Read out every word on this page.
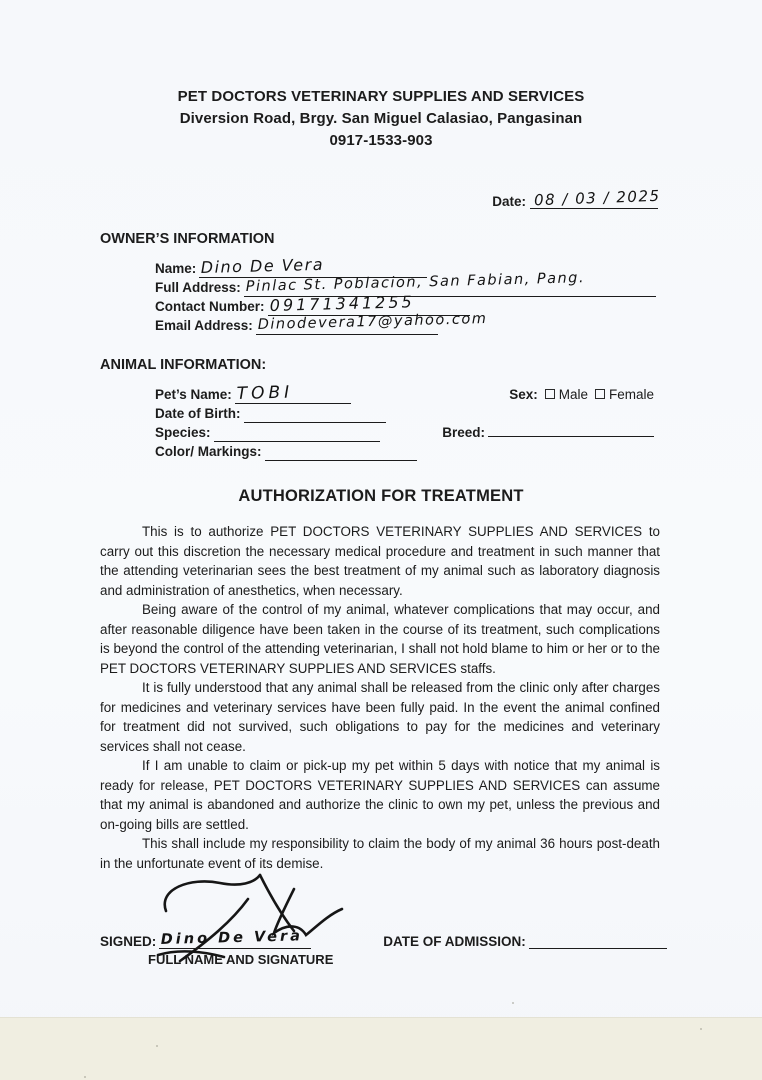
PET DOCTORS VETERINARY SUPPLIES AND SERVICES
Diversion Road, Brgy. San Miguel Calasiao, Pangasinan
0917-1533-903
Date: 08 / 03 / 2025
OWNER’S INFORMATION
Name: Dino De Vera
Full Address: Pinlac St. Poblacion, San Fabian, Pang.
Contact Number: 09171341255
Email Address: Dinodevera17@yahoo.com
ANIMAL INFORMATION:
Pet’s Name: TOBI	Sex: Male Female
Date of Birth:
Species:	Breed:
Color/ Markings:
AUTHORIZATION FOR TREATMENT

This is to authorize PET DOCTORS VETERINARY SUPPLIES AND SERVICES to carry out this discretion the necessary medical procedure and treatment in such manner that the attending veterinarian sees the best treatment of my animal such as laboratory diagnosis and administration of anesthetics, when necessary.

Being aware of the control of my animal, whatever complications that may occur, and after reasonable diligence have been taken in the course of its treatment, such complications is beyond the control of the attending veterinarian, I shall not hold blame to him or her or to the PET DOCTORS VETERINARY SUPPLIES AND SERVICES staffs.

It is fully understood that any animal shall be released from the clinic only after charges for medicines and veterinary services have been fully paid. In the event the animal confined for treatment did not survived, such obligations to pay for the medicines and veterinary services shall not cease.

If I am unable to claim or pick-up my pet within 5 days with notice that my animal is ready for release, PET DOCTORS VETERINARY SUPPLIES AND SERVICES can assume that my animal is abandoned and authorize the clinic to own my pet, unless the previous and on-going bills are settled.

This shall include my responsibility to claim the body of my animal 36 hours post-death in the unfortunate event of its demise.

SIGNED: Dino De Vera	DATE OF ADMISSION:
FULL NAME AND SIGNATURE
